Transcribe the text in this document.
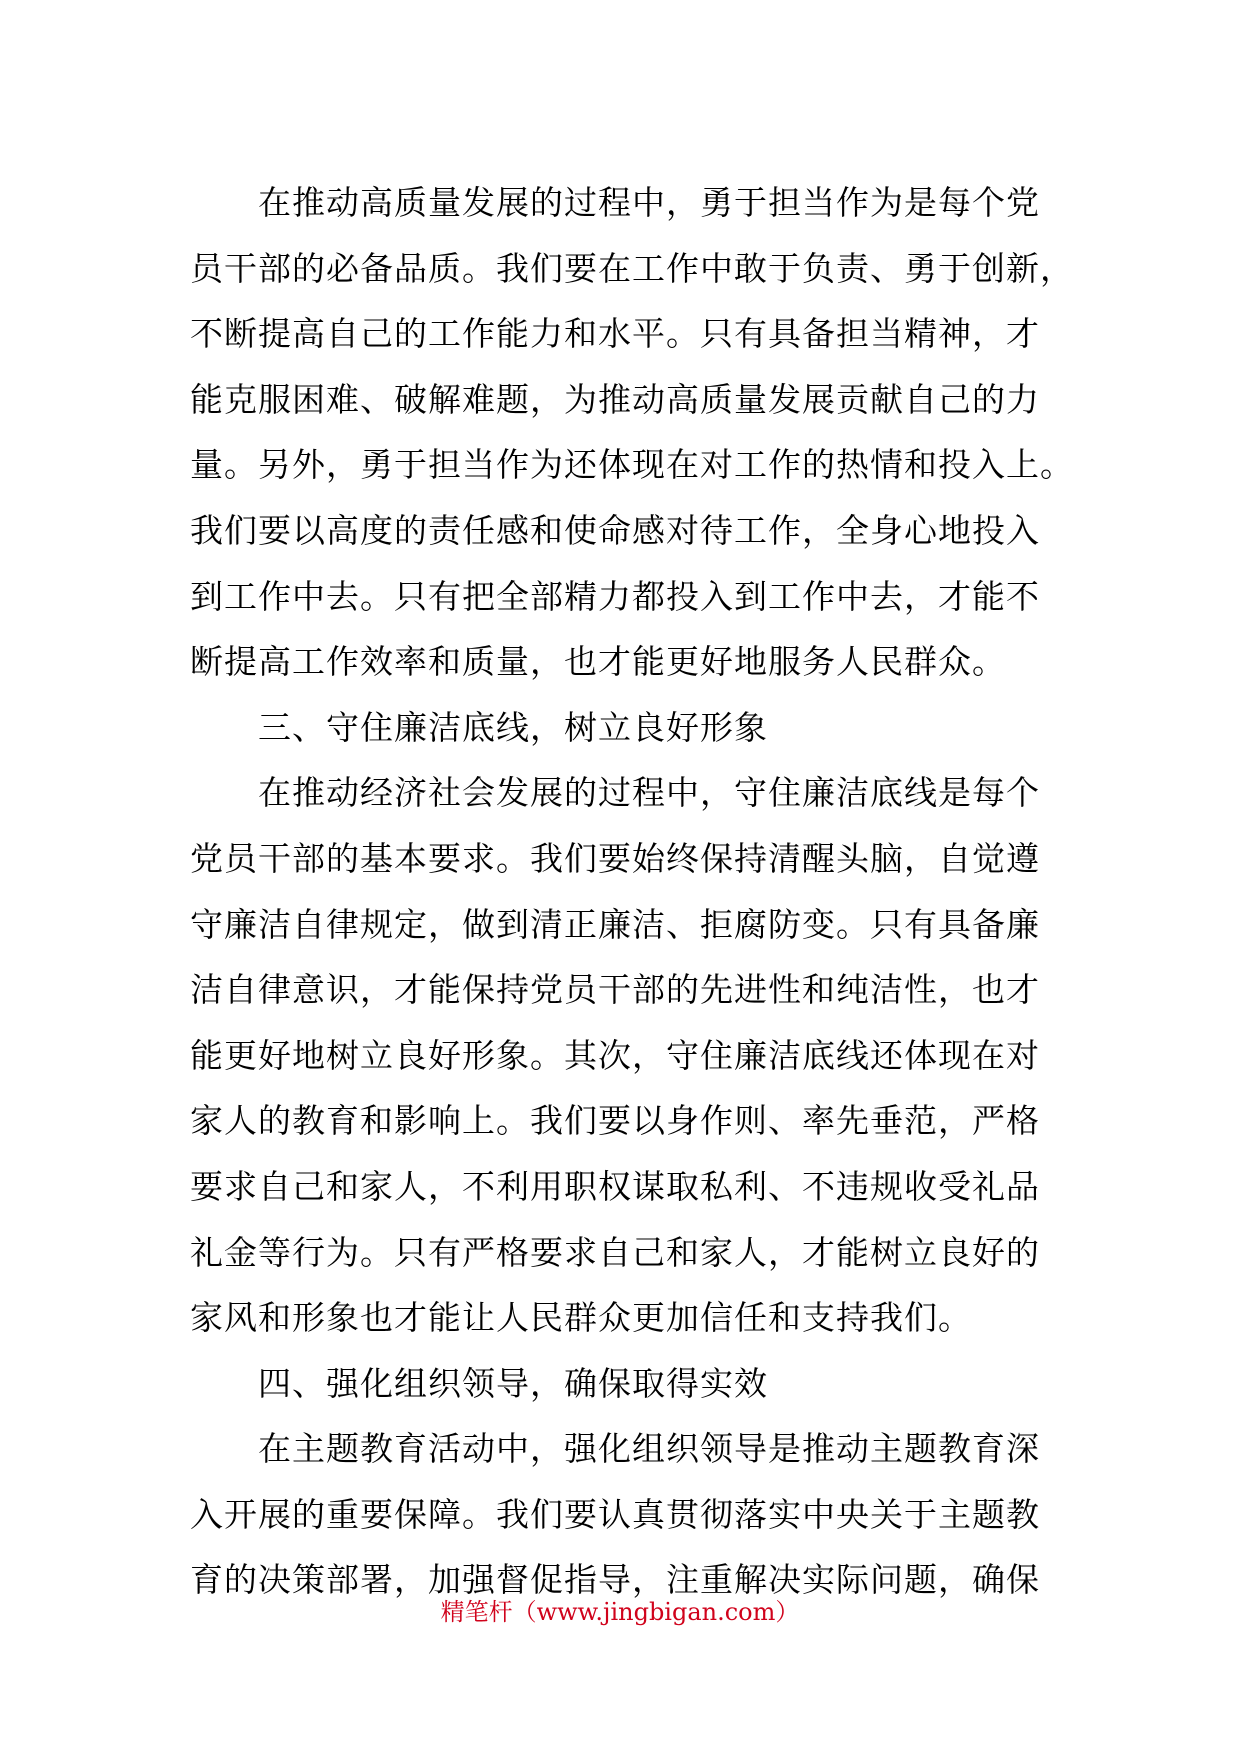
　　在推动高质量发展的过程中，勇于担当作为是每个党
员干部的必备品质。我们要在工作中敢于负责、勇于创新，
不断提高自己的工作能力和水平。只有具备担当精神，才
能克服困难、破解难题，为推动高质量发展贡献自己的力
量。另外，勇于担当作为还体现在对工作的热情和投入上。
我们要以高度的责任感和使命感对待工作，全身心地投入
到工作中去。只有把全部精力都投入到工作中去，才能不
断提高工作效率和质量，也才能更好地服务人民群众。
　　三、守住廉洁底线，树立良好形象
　　在推动经济社会发展的过程中，守住廉洁底线是每个
党员干部的基本要求。我们要始终保持清醒头脑，自觉遵
守廉洁自律规定，做到清正廉洁、拒腐防变。只有具备廉
洁自律意识，才能保持党员干部的先进性和纯洁性，也才
能更好地树立良好形象。其次，守住廉洁底线还体现在对
家人的教育和影响上。我们要以身作则、率先垂范，严格
要求自己和家人，不利用职权谋取私利、不违规收受礼品
礼金等行为。只有严格要求自己和家人，才能树立良好的
家风和形象也才能让人民群众更加信任和支持我们。
　　四、强化组织领导，确保取得实效
　　在主题教育活动中，强化组织领导是推动主题教育深
入开展的重要保障。我们要认真贯彻落实中央关于主题教
育的决策部署，加强督促指导，注重解决实际问题，确保
精笔杆（www.jingbigan.com）
